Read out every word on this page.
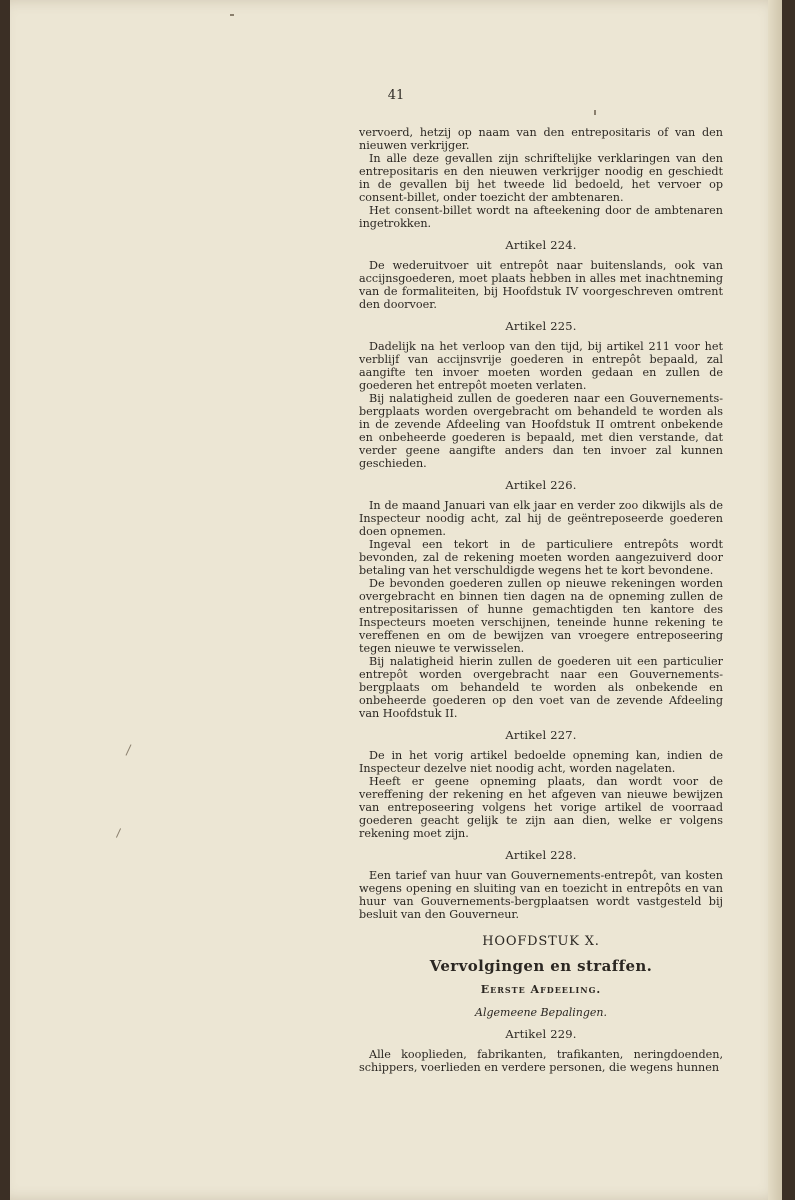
41

vervoerd, hetzij op naam van den entrepositaris of van den nieuwen verkrijger.

In alle deze gevallen zijn schriftelijke verklaringen van den entrepositaris en den nieuwen verkrijger noodig en geschiedt in de gevallen bij het tweede lid bedoeld, het vervoer op consent-billet, onder toezicht der ambtenaren.

Het consent-billet wordt na afteekening door de ambtenaren ingetrokken.

Artikel 224.

De wederuitvoer uit entrepôt naar buitenslands, ook van accijnsgoederen, moet plaats hebben in alles met inachtneming van de formaliteiten, bij Hoofdstuk IV voorgeschreven omtrent den doorvoer.

Artikel 225.

Dadelijk na het verloop van den tijd, bij artikel 211 voor het verblijf van accijnsvrije goederen in entrepôt bepaald, zal aangifte ten invoer moeten worden gedaan en zullen de goederen het entrepôt moeten verlaten.

Bij nalatigheid zullen de goederen naar een Gouvernements-bergplaats worden overgebracht om behandeld te worden als in de zevende Afdeeling van Hoofdstuk II omtrent onbekende en onbeheerde goederen is bepaald, met dien verstande, dat verder geene aangifte anders dan ten invoer zal kunnen geschieden.

Artikel 226.

In de maand Januari van elk jaar en verder zoo dikwijls als de Inspecteur noodig acht, zal hij de geëntreposeerde goederen doen opnemen.

Ingeval een tekort in de particuliere entrepôts wordt bevonden, zal de rekening moeten worden aangezuiverd door betaling van het verschuldigde wegens het te kort bevondene.

De bevonden goederen zullen op nieuwe rekeningen worden overgebracht en binnen tien dagen na de opneming zullen de entrepositarissen of hunne gemachtigden ten kantore des Inspecteurs moeten verschijnen, teneinde hunne rekening te vereffenen en om de bewijzen van vroegere entreposeering tegen nieuwe te verwisselen.

Bij nalatigheid hierin zullen de goederen uit een particulier entrepôt worden overgebracht naar een Gouvernements-bergplaats om behandeld te worden als onbekende en onbeheerde goederen op den voet van de zevende Afdeeling van Hoofdstuk II.

Artikel 227.

De in het vorig artikel bedoelde opneming kan, indien de Inspecteur dezelve niet noodig acht, worden nagelaten.

Heeft er geene opneming plaats, dan wordt voor de vereffening der rekening en het afgeven van nieuwe bewijzen van entreposeering volgens het vorige artikel de voorraad goederen geacht gelijk te zijn aan dien, welke er volgens rekening moet zijn.

Artikel 228.

Een tarief van huur van Gouvernements-entrepôt, van kosten wegens opening en sluiting van en toezicht in entrepôts en van huur van Gouvernements-bergplaatsen wordt vastgesteld bij besluit van den Gouverneur.

HOOFDSTUK X.
Vervolgingen en straffen.
Eerste Afdeeling.
Algemeene Bepalingen.
Artikel 229.

Alle kooplieden, fabrikanten, trafikanten, neringdoenden, schippers, voerlieden en verdere personen, die wegens hunnen
